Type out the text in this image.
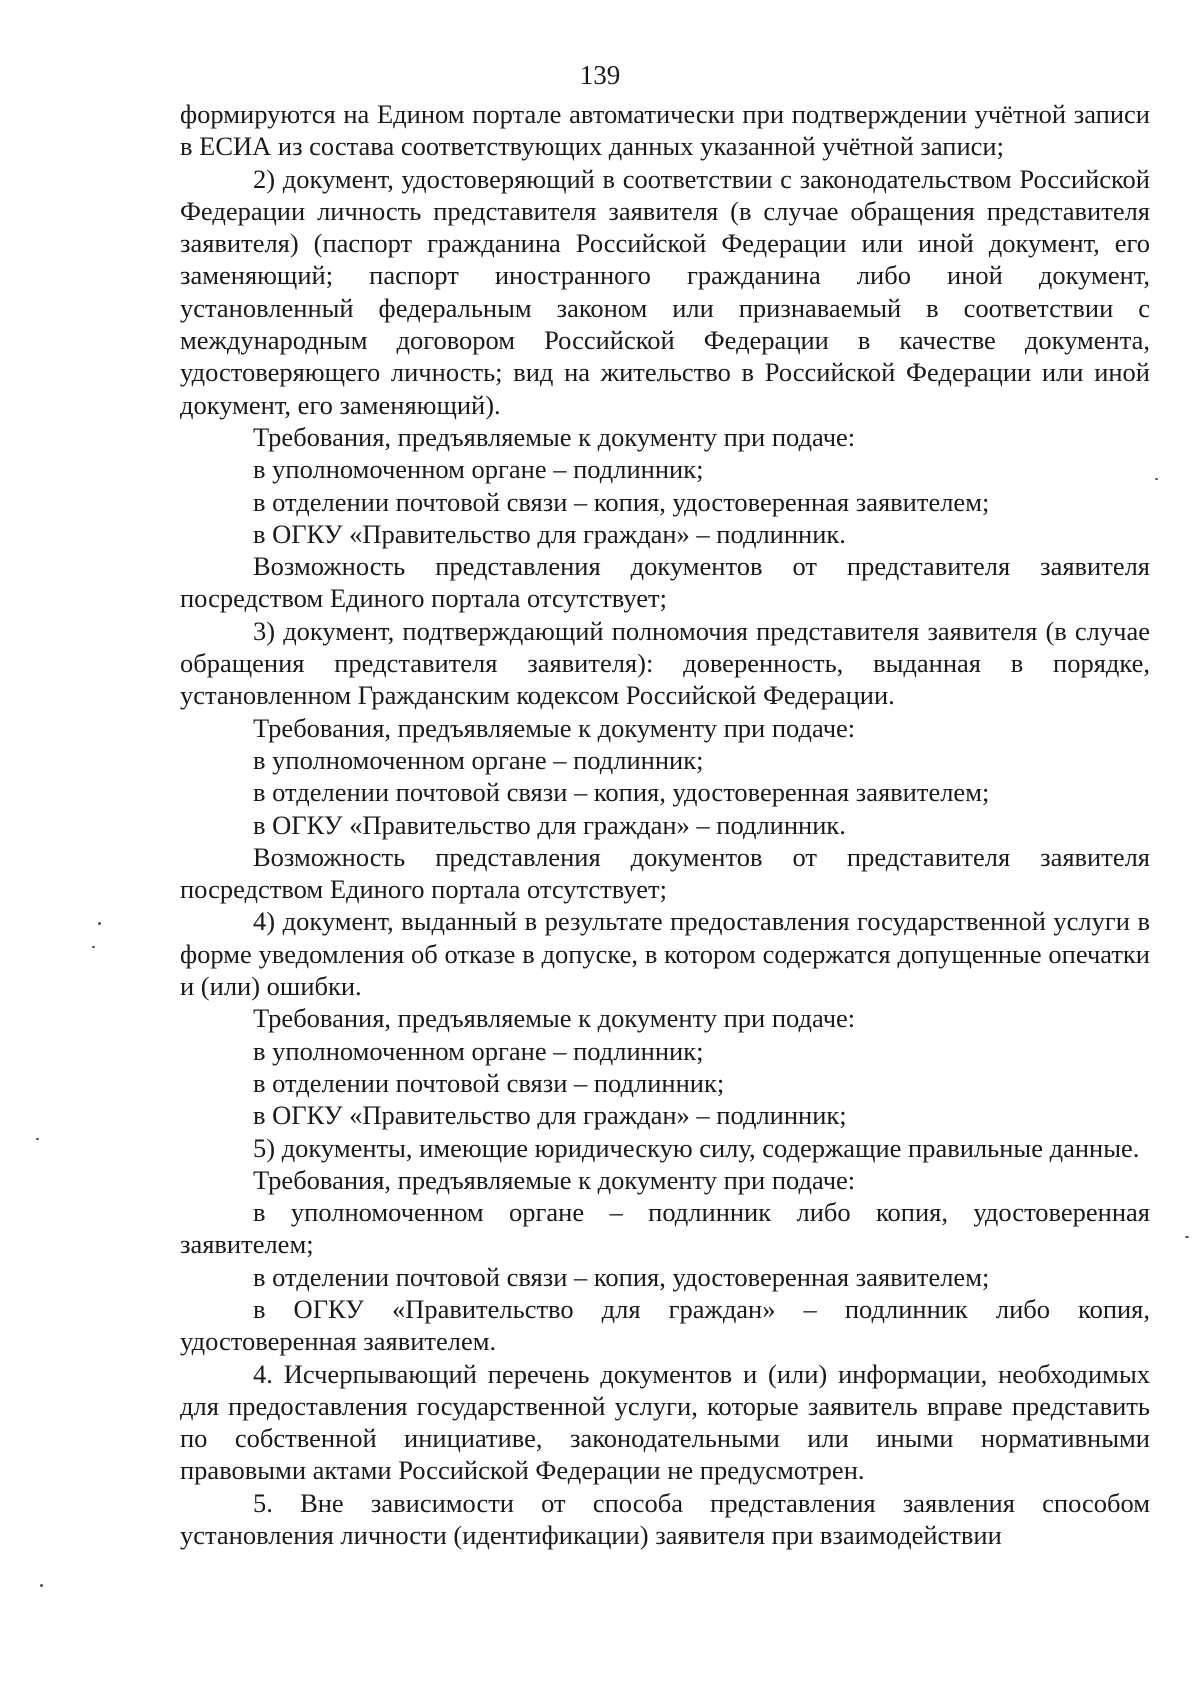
139

формируются на Едином портале автоматически при подтверждении учётной записи в ЕСИА из состава соответствующих данных указанной учётной записи;

2) документ, удостоверяющий в соответствии с законодательством Российской Федерации личность представителя заявителя (в случае обращения представителя заявителя) (паспорт гражданина Российской Федерации или иной документ, его заменяющий; паспорт иностранного гражданина либо иной документ, установленный федеральным законом или признаваемый в соответствии с международным договором Российской Федерации в качестве документа, удостоверяющего личность; вид на жительство в Российской Федерации или иной документ, его заменяющий).

Требования, предъявляемые к документу при подаче:

в уполномоченном органе – подлинник;

в отделении почтовой связи – копия, удостоверенная заявителем;

в ОГКУ «Правительство для граждан» – подлинник.

Возможность представления документов от представителя заявителя посредством Единого портала отсутствует;

3) документ, подтверждающий полномочия представителя заявителя (в случае обращения представителя заявителя): доверенность, выданная в порядке, установленном Гражданским кодексом Российской Федерации.

Требования, предъявляемые к документу при подаче:

в уполномоченном органе – подлинник;

в отделении почтовой связи – копия, удостоверенная заявителем;

в ОГКУ «Правительство для граждан» – подлинник.

Возможность представления документов от представителя заявителя посредством Единого портала отсутствует;

4) документ, выданный в результате предоставления государственной услуги в форме уведомления об отказе в допуске, в котором содержатся допущенные опечатки и (или) ошибки.

Требования, предъявляемые к документу при подаче:

в уполномоченном органе – подлинник;

в отделении почтовой связи – подлинник;

в ОГКУ «Правительство для граждан» – подлинник;

5) документы, имеющие юридическую силу, содержащие правильные данные.

Требования, предъявляемые к документу при подаче:

в уполномоченном органе – подлинник либо копия, удостоверенная заявителем;

в отделении почтовой связи – копия, удостоверенная заявителем;

в ОГКУ «Правительство для граждан» – подлинник либо копия, удостоверенная заявителем.

4. Исчерпывающий перечень документов и (или) информации, необходимых для предоставления государственной услуги, которые заявитель вправе представить по собственной инициативе, законодательными или иными нормативными правовыми актами Российской Федерации не предусмотрен.

5. Вне зависимости от способа представления заявления способом установления личности (идентификации) заявителя при взаимодействии
